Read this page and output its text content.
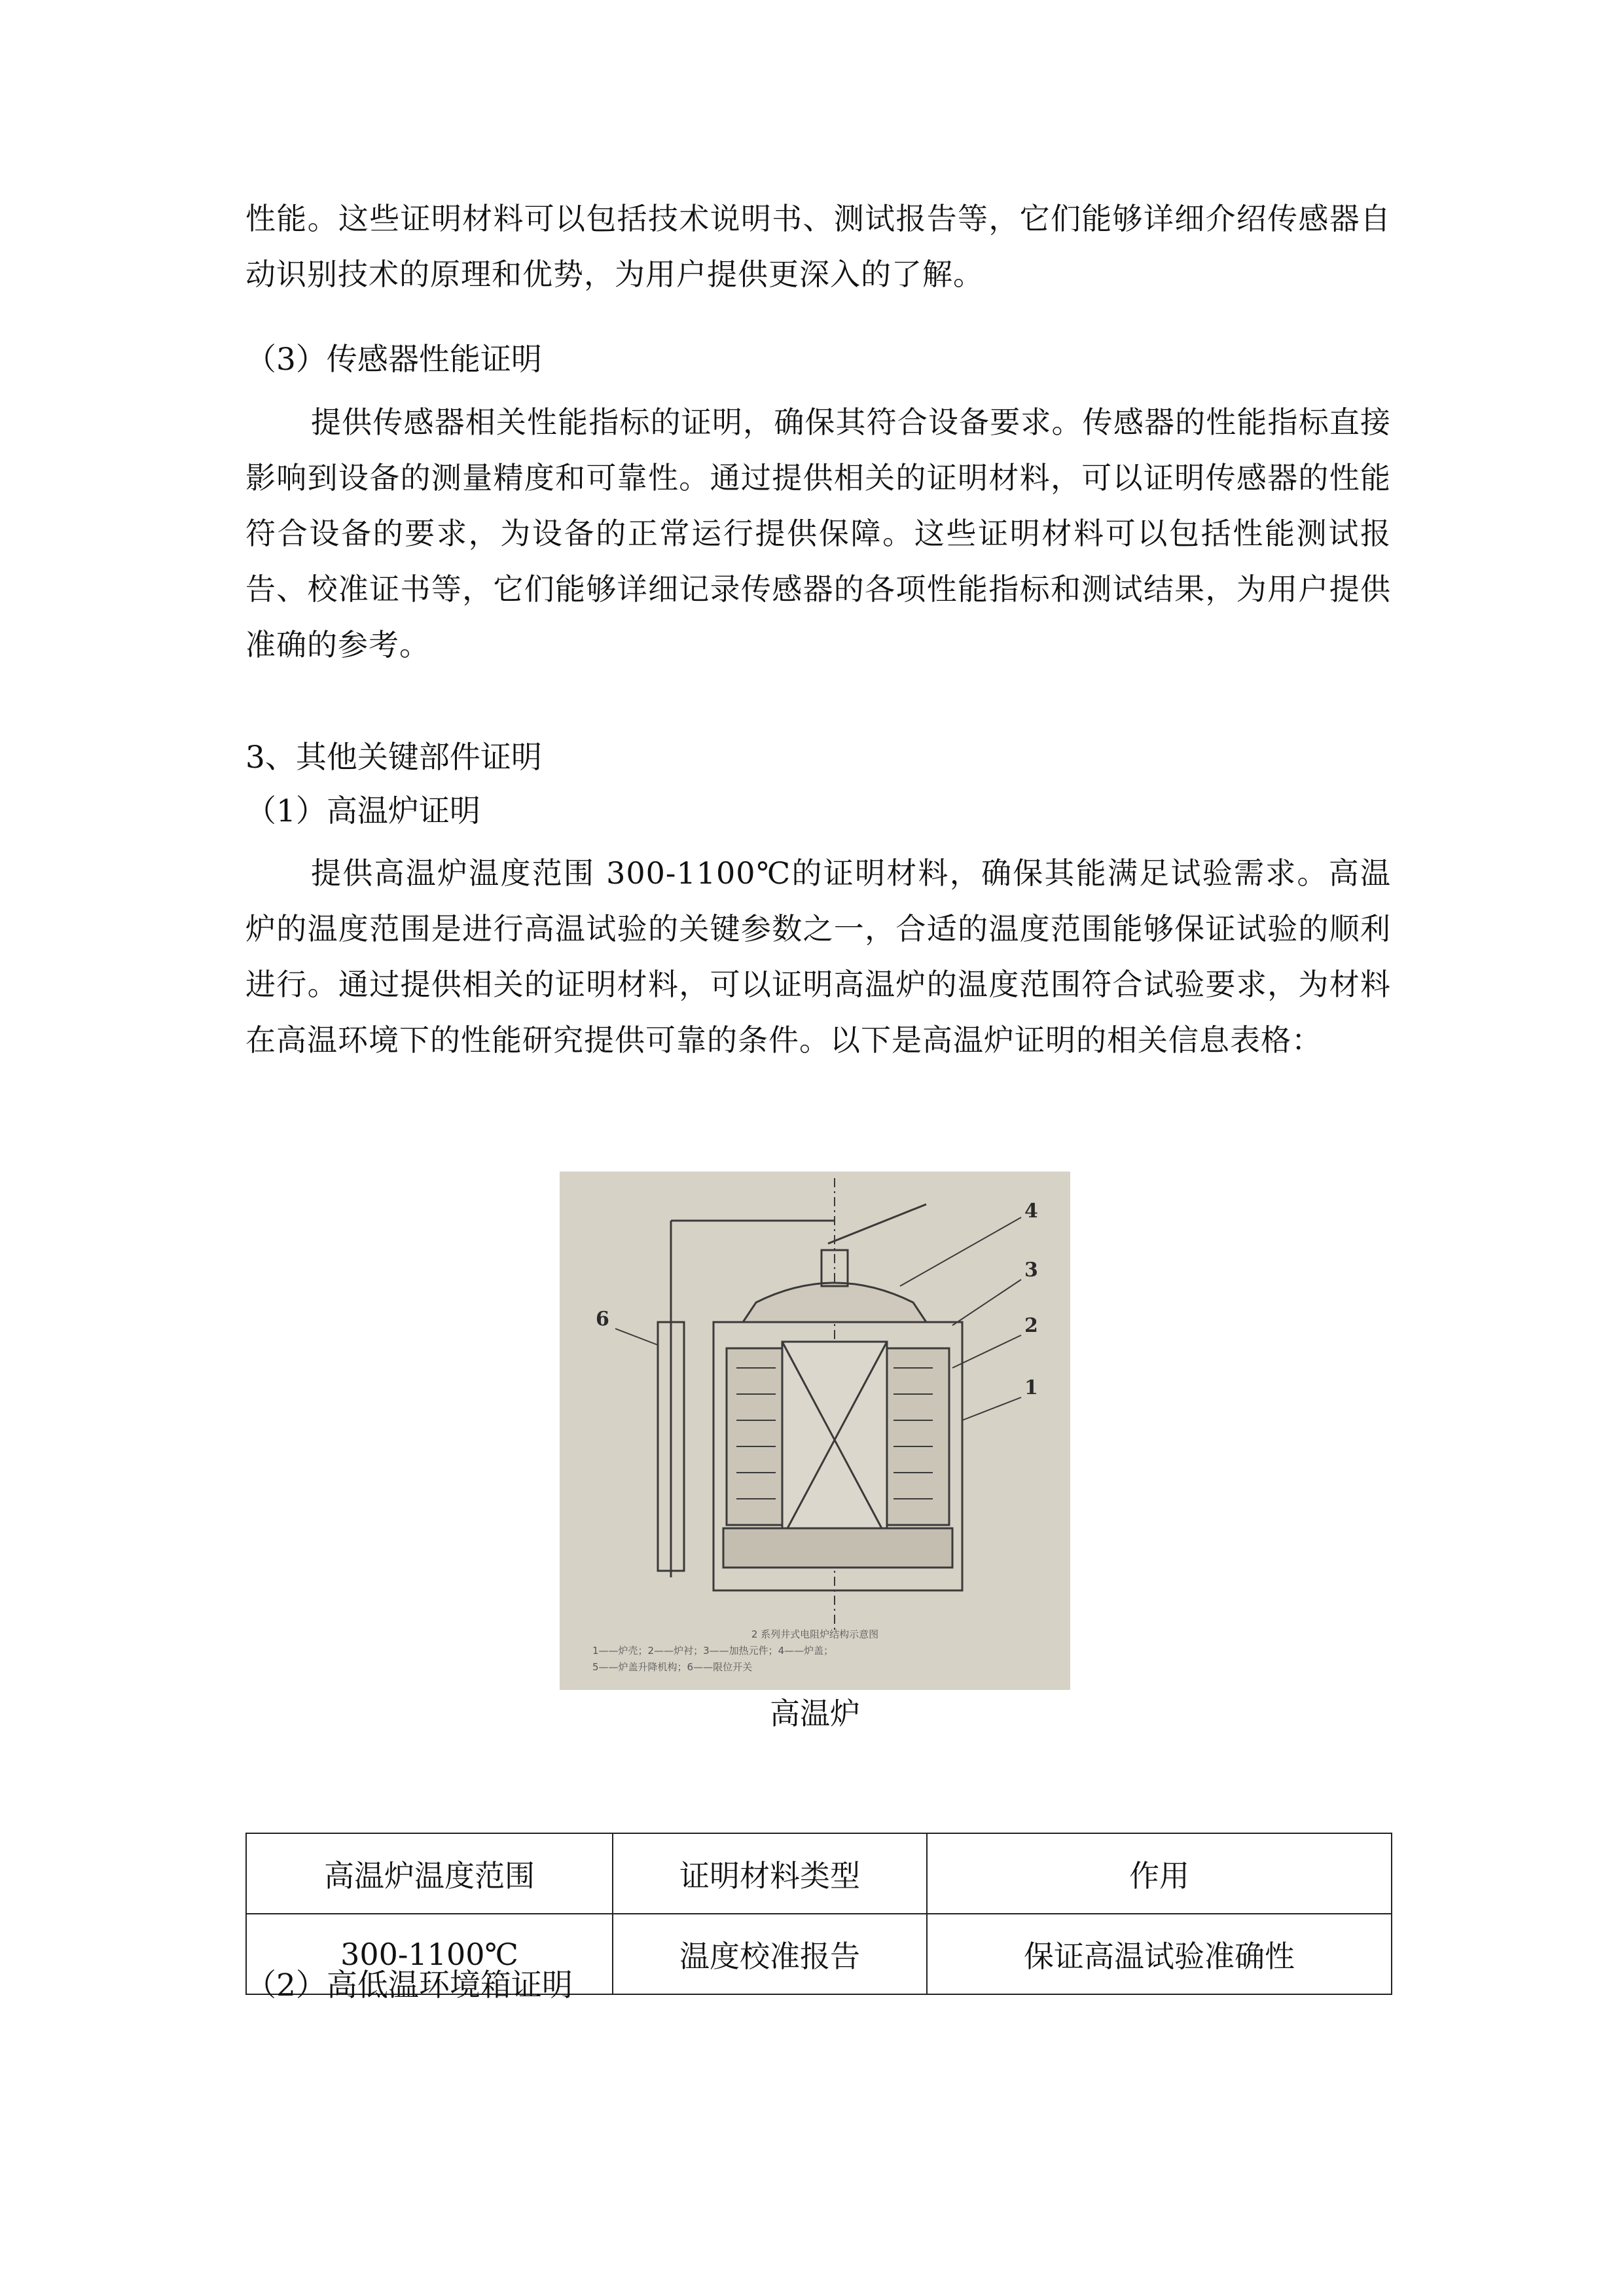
性能。这些证明材料可以包括技术说明书、测试报告等，它们能够详细介绍传感器自动识别技术的原理和优势，为用户提供更深入的了解。

（3）传感器性能证明

提供传感器相关性能指标的证明，确保其符合设备要求。传感器的性能指标直接影响到设备的测量精度和可靠性。通过提供相关的证明材料，可以证明传感器的性能符合设备的要求，为设备的正常运行提供保障。这些证明材料可以包括性能测试报告、校准证书等，它们能够详细记录传感器的各项性能指标和测试结果，为用户提供准确的参考。

3、其他关键部件证明

（1）高温炉证明

提供高温炉温度范围 300-1100℃的证明材料，确保其能满足试验需求。高温炉的温度范围是进行高温试验的关键参数之一，合适的温度范围能够保证试验的顺利进行。通过提供相关的证明材料，可以证明高温炉的温度范围符合试验要求，为材料在高温环境下的性能研究提供可靠的条件。以下是高温炉证明的相关信息表格：

4
3
2
1
6
2 系列井式电阻炉结构示意图
1——炉壳；2——炉衬；3——加热元件；4——炉盖；
5——炉盖升降机构；6——限位开关
高温炉
高温炉温度范围	证明材料类型	作用
300-1100℃	温度校准报告	保证高温试验准确性

（2）高低温环境箱证明
